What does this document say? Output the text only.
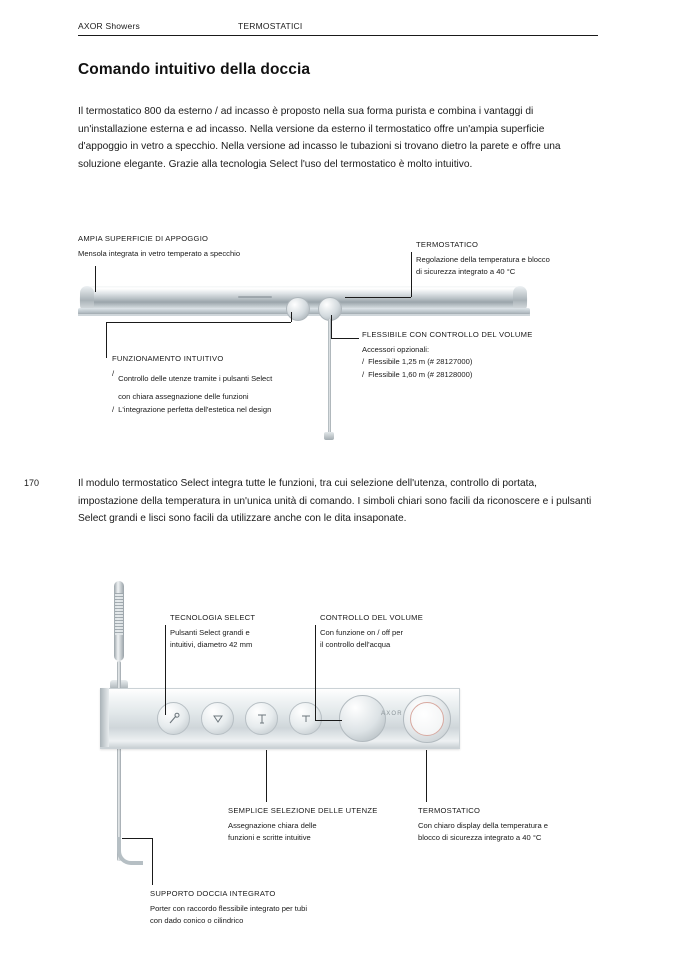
AXOR Showers	TERMOSTATICI
Comando intuitivo della doccia
Il termostatico 800 da esterno / ad incasso è proposto nella sua forma purista e combina i vantaggi di un'installazione esterna e ad incasso. Nella versione da esterno il termostatico offre un'ampia superficie d'appoggio in vetro a specchio. Nella versione ad incasso le tubazioni si trovano dietro la parete e offre una soluzione elegante. Grazie alla tecnologia Select l'uso del termostatico è molto intuitivo.
AMPIA SUPERFICIE DI APPOGGIO
Mensola integrata in vetro temperato a specchio
TERMOSTATICO
Regolazione della temperatura e blocco
di sicurezza integrato a 40 °C
FUNZIONAMENTO INTUITIVO
/
Controllo delle utenze tramite i pulsanti Select
con chiara assegnazione delle funzioni
/ L'integrazione perfetta dell'estetica nel design
FLESSIBILE CON CONTROLLO DEL VOLUME
Accessori opzionali:
/ Flessibile 1,25 m (# 28127000)
/ Flessibile 1,60 m (# 28128000)
170	Il modulo termostatico Select integra tutte le funzioni, tra cui selezione dell'utenza, controllo di portata, impostazione della temperatura in un'unica unità di comando. I simboli chiari sono facili da riconoscere e i pulsanti Select grandi e lisci sono facili da utilizzare anche con le dita insaponate.
AXOR
TECNOLOGIA SELECT
Pulsanti Select grandi e
intuitivi, diametro 42 mm
CONTROLLO DEL VOLUME
Con funzione on / off per
il controllo dell'acqua
SEMPLICE SELEZIONE DELLE UTENZE
Assegnazione chiara delle
funzioni e scritte intuitive
TERMOSTATICO
Con chiaro display della temperatura e
blocco di sicurezza integrato a 40 °C
SUPPORTO DOCCIA INTEGRATO
Porter con raccordo flessibile integrato per tubi
con dado conico o cilindrico
